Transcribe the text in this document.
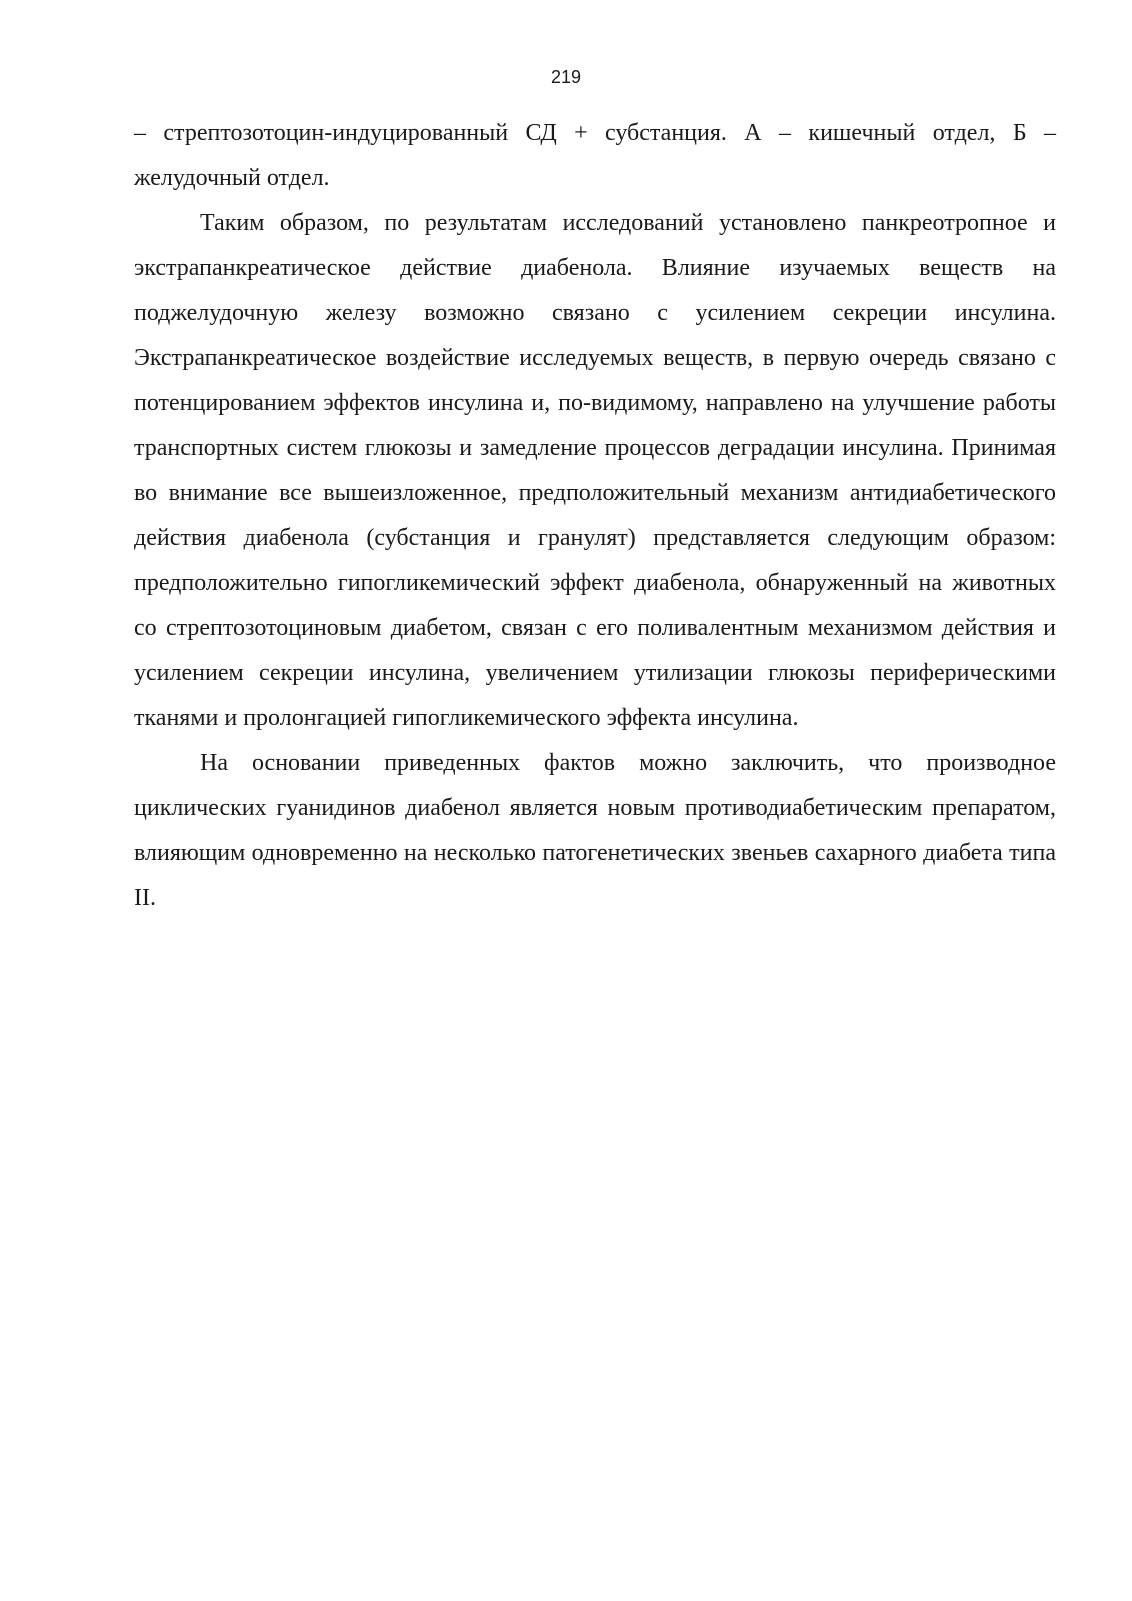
219

– стрептозотоцин-индуцированный СД + субстанция. А – кишечный отдел, Б – желудочный отдел.

Таким образом, по результатам исследований установлено панкреотропное и экстрапанкреатическое действие диабенола. Влияние изучаемых веществ на поджелудочную железу возможно связано с усилением секреции инсулина. Экстрапанкреатическое воздействие исследуемых веществ, в первую очередь связано с потенцированием эффектов инсулина и, по-видимому, направлено на улучшение работы транспортных систем глюкозы и замедление процессов деградации инсулина. Принимая во внимание все вышеизложенное, предположительный механизм антидиабетического действия диабенола (субстанция и гранулят) представляется следующим образом: предположительно гипогликемический эффект диабенола, обнаруженный на животных со стрептозотоциновым диабетом, связан с его поливалентным механизмом действия и усилением секреции инсулина, увеличением утилизации глюкозы периферическими тканями и пролонгацией гипогликемического эффекта инсулина.

На основании приведенных фактов можно заключить, что производное циклических гуанидинов диабенол является новым противодиабетическим препаратом, влияющим одновременно на несколько патогенетических звеньев сахарного диабета типа II.
